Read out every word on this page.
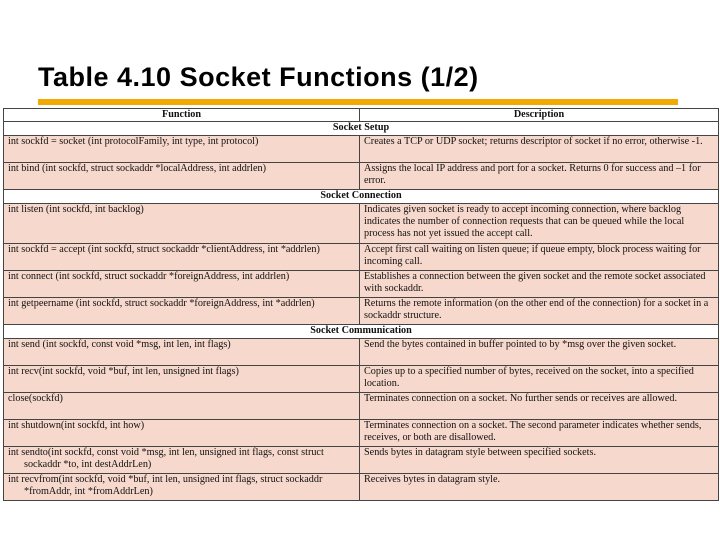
Table 4.10 Socket Functions (1/2)
Function	Description
Socket Setup	
int sockfd = socket (int protocolFamily, int type, int protocol)	Creates a TCP or UDP socket; returns descriptor of socket if no error, otherwise -1.
int bind (int sockfd, struct sockaddr *localAddress, int addrlen)	Assigns the local IP address and port for a socket. Returns 0 for success and –1 for error.
Socket Connection	
int listen (int sockfd, int backlog)	Indicates given socket is ready to accept incoming connection, where backlog indicates the number of connection requests that can be queued while the local process has not yet issued the accept call.
int sockfd = accept (int sockfd, struct sockaddr *clientAddress, int *addrlen)	Accept first call waiting on listen queue; if queue empty, block process waiting for incoming call.
int connect (int sockfd, struct sockaddr *foreignAddress, int addrlen)	Establishes a connection between the given socket and the remote socket associated with sockaddr.
int getpeername (int sockfd, struct sockaddr *foreignAddress, int *addrlen)	Returns the remote information (on the other end of the connection) for a socket in a sockaddr structure.
Socket Communication	
int send (int sockfd, const void *msg, int len, int flags)	Send the bytes contained in buffer pointed to by *msg over the given socket.
int recv(int sockfd, void *buf, int len, unsigned int flags)	Copies up to a specified number of bytes, received on the socket, into a specified location.
close(sockfd)	Terminates connection on a socket. No further sends or receives are allowed.
int shutdown(int sockfd, int how)	Terminates connection on a socket. The second parameter indicates whether sends, receives, or both are disallowed.
int sendto(int sockfd, const void *msg, int len, unsigned int flags, const struct sockaddr *to, int destAddrLen)	Sends bytes in datagram style between specified sockets.
int recvfrom(int sockfd, void *buf, int len, unsigned int flags, struct sockaddr *fromAddr, int *fromAddrLen)	Receives bytes in datagram style.
